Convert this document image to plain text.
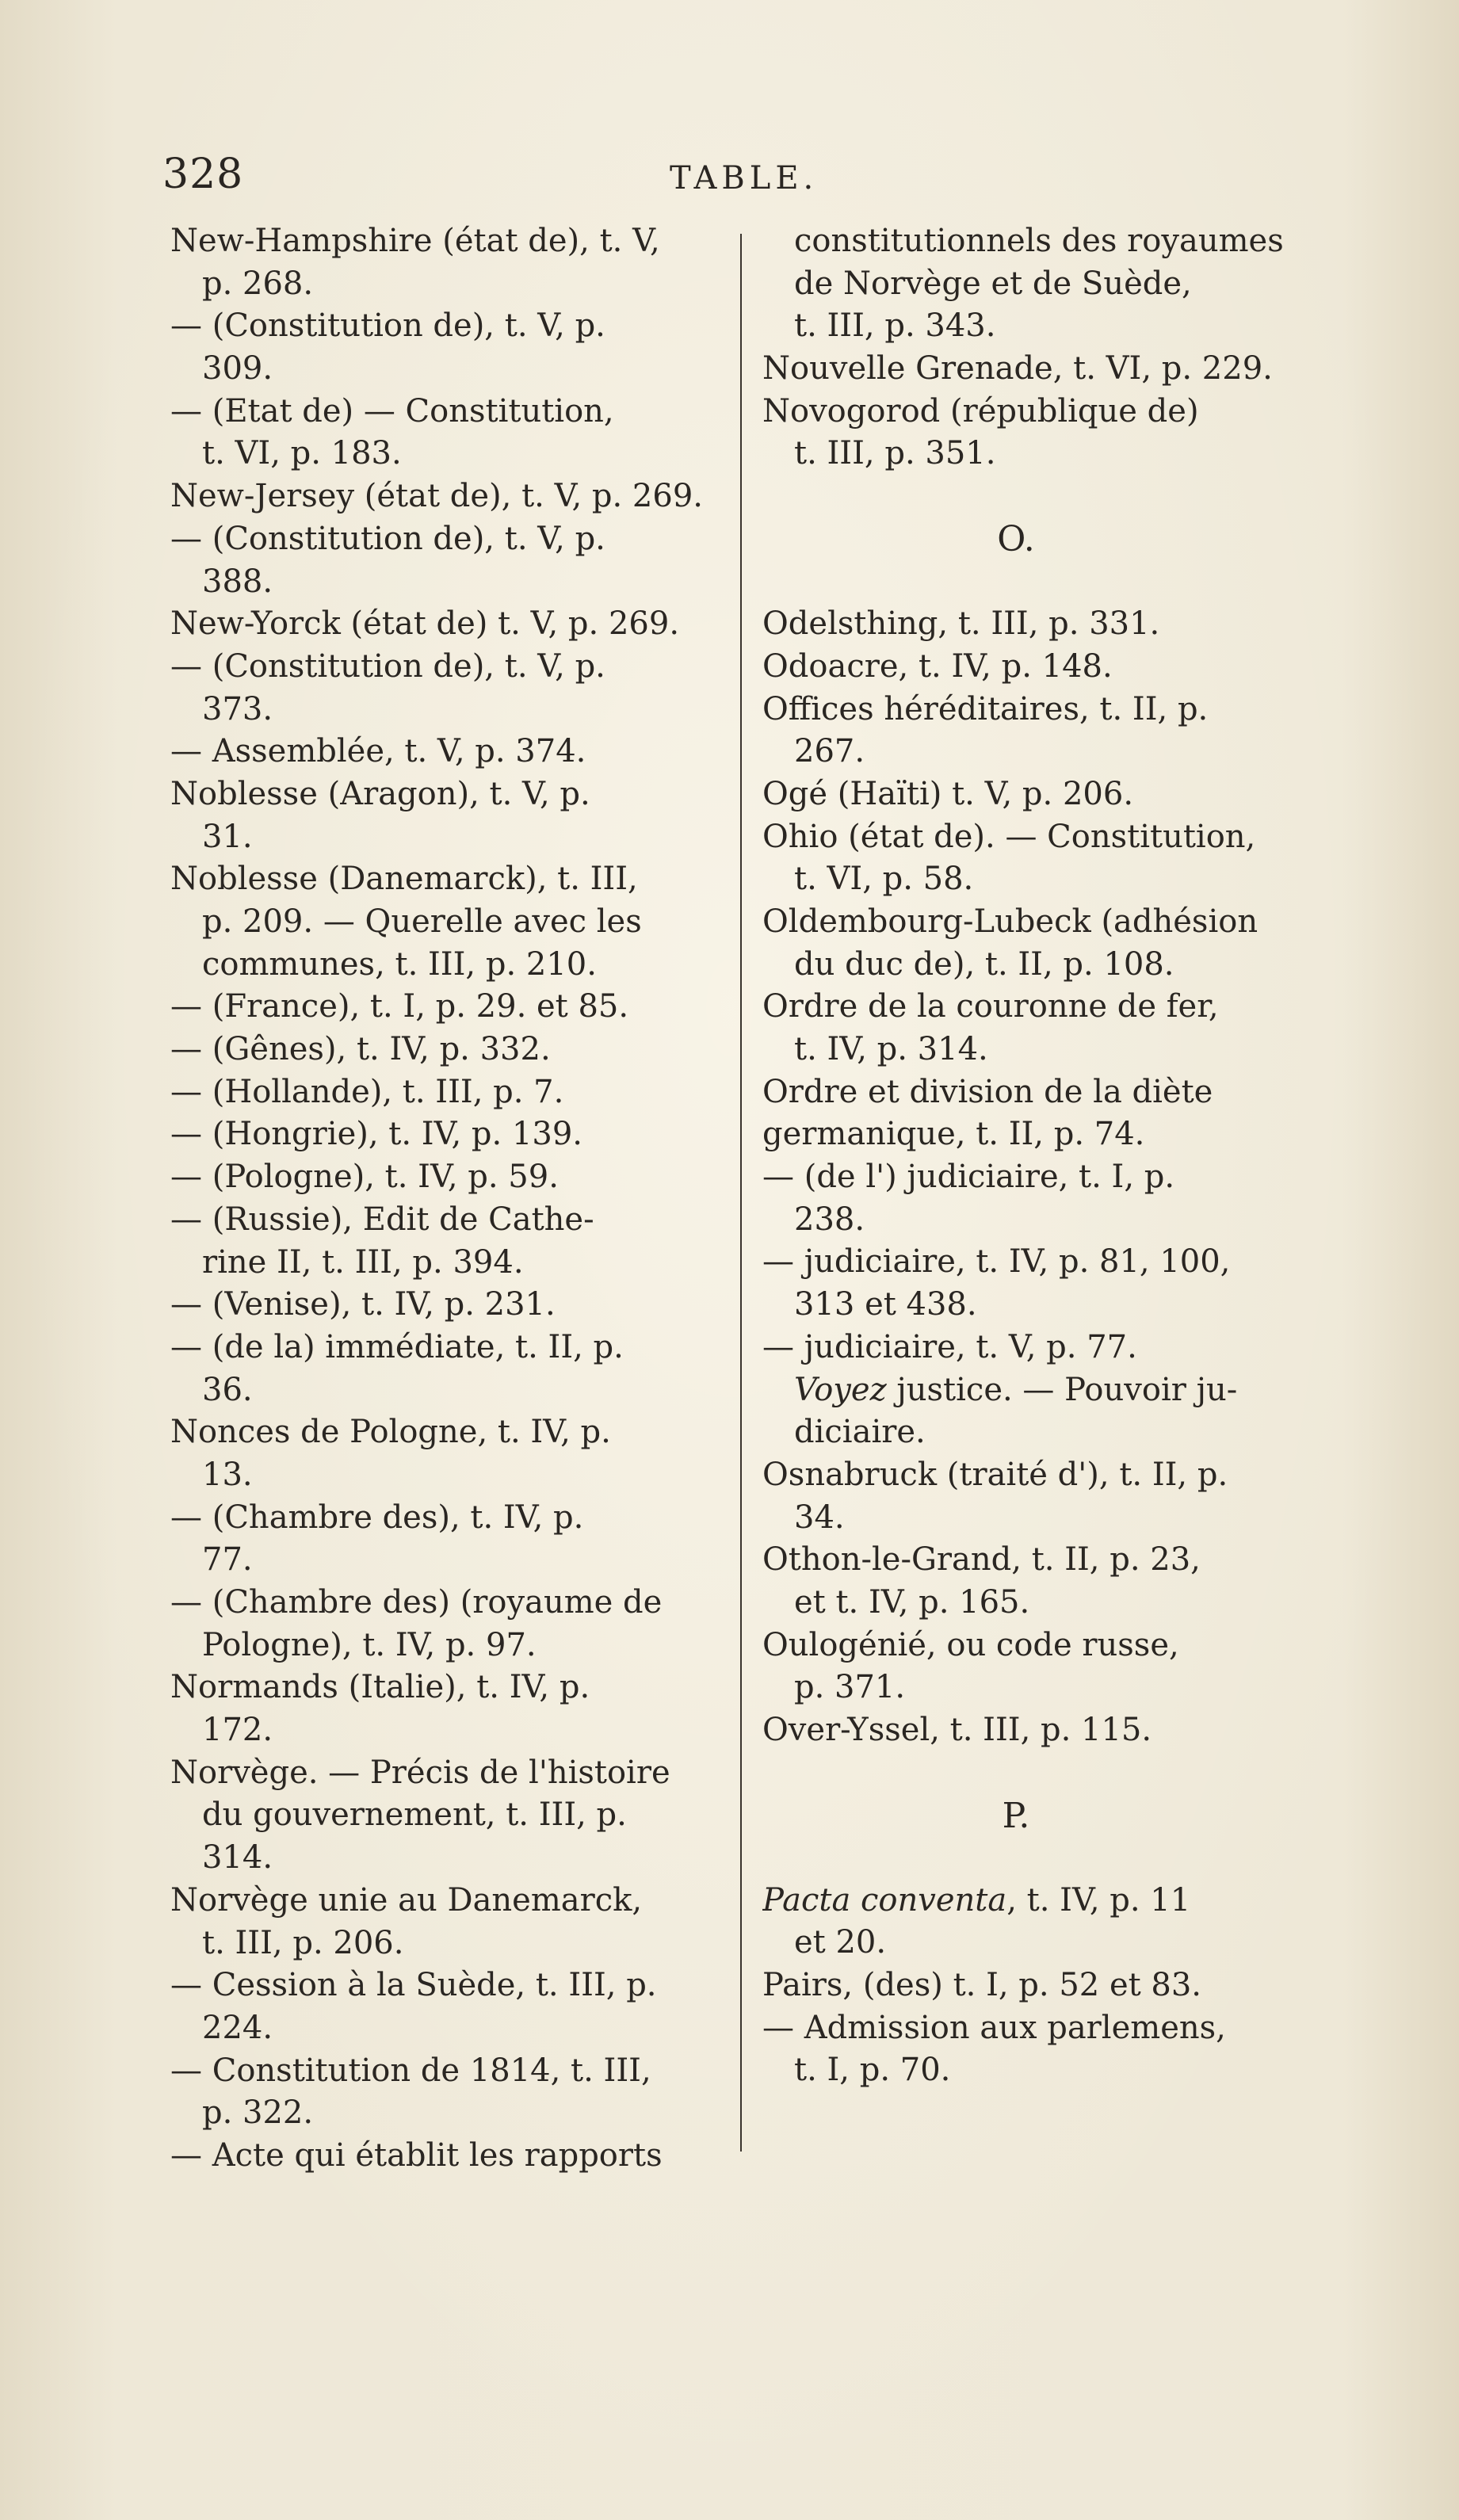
328	TABLE.
New-Hampshire (état de), t. V,
p. 268.
— (Constitution de), t. V, p.
309.
— (Etat de) — Constitution,
t. VI, p. 183.
New-Jersey (état de), t. V, p. 269.
— (Constitution de), t. V, p.
388.
New-Yorck (état de) t. V, p. 269.
— (Constitution de), t. V, p.
373.
— Assemblée, t. V, p. 374.
Noblesse (Aragon), t. V, p.
31.
Noblesse (Danemarck), t. III,
p. 209. — Querelle avec les
communes, t. III, p. 210.
— (France), t. I, p. 29. et 85.
— (Gênes), t. IV, p. 332.
— (Hollande), t. III, p. 7.
— (Hongrie), t. IV, p. 139.
— (Pologne), t. IV, p. 59.
— (Russie), Edit de Cathe-
rine II, t. III, p. 394.
— (Venise), t. IV, p. 231.
— (de la) immédiate, t. II, p.
36.
Nonces de Pologne, t. IV, p.
13.
— (Chambre des), t. IV, p.
77.
— (Chambre des) (royaume de
Pologne), t. IV, p. 97.
Normands (Italie), t. IV, p.
172.
Norvège. — Précis de l'histoire
du gouvernement, t. III, p.
314.
Norvège unie au Danemarck,
t. III, p. 206.
— Cession à la Suède, t. III, p.
224.
— Constitution de 1814, t. III,
p. 322.
— Acte qui établit les rapports
constitutionnels des royaumes
de Norvège et de Suède,
t. III, p. 343.
Nouvelle Grenade, t. VI, p. 229.
Novogorod (république de)
t. III, p. 351.
O.
Odelsthing, t. III, p. 331.
Odoacre, t. IV, p. 148.
Offices héréditaires, t. II, p.
267.
Ogé (Haïti) t. V, p. 206.
Ohio (état de). — Constitution,
t. VI, p. 58.
Oldembourg-Lubeck (adhésion
du duc de), t. II, p. 108.
Ordre de la couronne de fer,
t. IV, p. 314.
Ordre et division de la diète
germanique, t. II, p. 74.
— (de l') judiciaire, t. I, p.
238.
— judiciaire, t. IV, p. 81, 100,
313 et 438.
— judiciaire, t. V, p. 77.
Voyez justice. — Pouvoir ju-
diciaire.
Osnabruck (traité d'), t. II, p.
34.
Othon-le-Grand, t. II, p. 23,
et t. IV, p. 165.
Oulogénié, ou code russe,
p. 371.
Over-Yssel, t. III, p. 115.
P.
Pacta conventa, t. IV, p. 11
et 20.
Pairs, (des) t. I, p. 52 et 83.
— Admission aux parlemens,
t. I, p. 70.
